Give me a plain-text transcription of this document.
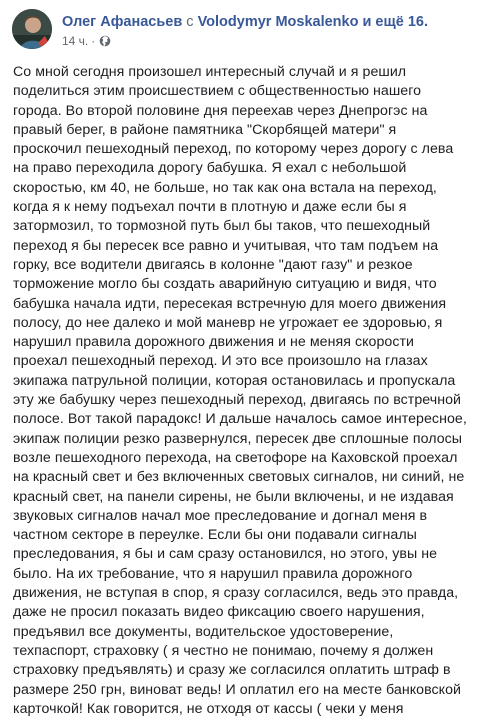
Олег Афанасьев с Volodymyr Moskalenko и ещё 16.
14 ч. ·
Со мной сегодня произошел интересный случай и я решил
поделиться этим происшествием с общественностью нашего
города. Во второй половине дня переехав через Днепрогэс на
правый берег, в районе памятника "Скорбящей матери" я
проскочил пешеходный переход, по которому через дорогу с лева
на право переходила дорогу бабушка. Я ехал с небольшой
скоростью, км 40, не больше, но так как она встала на переход,
когда я к нему подъехал почти в плотную и даже если бы я
затормозил, то тормозной путь был бы таков, что пешеходный
переход я бы пересек все равно и учитывая, что там подъем на
горку, все водители двигаясь в колонне "дают газу" и резкое
торможение могло бы создать аварийную ситуацию и видя, что
бабушка начала идти, пересекая встречную для моего движения
полосу, до нее далеко и мой маневр не угрожает ее здоровью, я
нарушил правила дорожного движения и не меняя скорости
проехал пешеходный переход. И это все произошло на глазах
экипажа патрульной полиции, которая остановилась и пропускала
эту же бабушку через пешеходный переход, двигаясь по встречной
полосе. Вот такой парадокс! И дальше началось самое интересное,
экипаж полиции резко развернулся, пересек две сплошные полосы
возле пешеходного перехода, на светофоре на Каховской проехал
на красный свет и без включенных световых сигналов, ни синий, не
красный свет, на панели сирены, не были включены, и не издавая
звуковых сигналов начал мое преследование и догнал меня в
частном секторе в переулке. Если бы они подавали сигналы
преследования, я бы и сам сразу остановился, но этого, увы не
было. На их требование, что я нарушил правила дорожного
движения, не вступая в спор, я сразу согласился, ведь это правда,
даже не просил показать видео фиксацию своего нарушения,
предъявил все документы, водительское удостоверение,
техпаспорт, страховку ( я честно не понимаю, почему я должен
страховку предъявлять) и сразу же согласился оплатить штраф в
размере 250 грн, виноват ведь! И оплатил его на месте банковской
карточкой! Как говорится, не отходя от кассы ( чеки у меня
